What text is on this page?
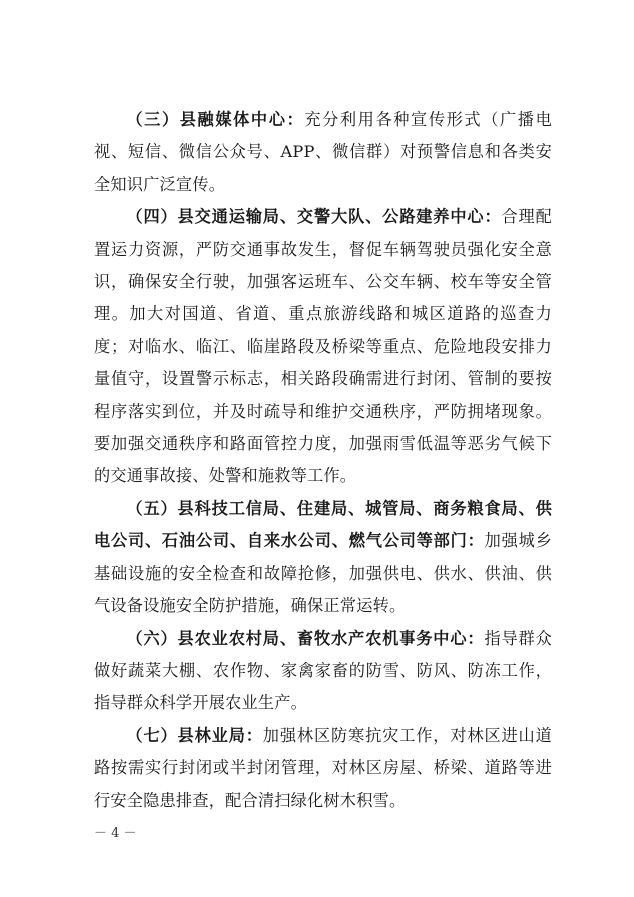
（三）县融媒体中心：充分利用各种宣传形式（广播电视、短信、微信公众号、APP、微信群）对预警信息和各类安全知识广泛宣传。

（四）县交通运输局、交警大队、公路建养中心：合理配置运力资源，严防交通事故发生，督促车辆驾驶员强化安全意识，确保安全行驶，加强客运班车、公交车辆、校车等安全管理。加大对国道、省道、重点旅游线路和城区道路的巡查力度；对临水、临江、临崖路段及桥梁等重点、危险地段安排力量值守，设置警示标志，相关路段确需进行封闭、管制的要按程序落实到位，并及时疏导和维护交通秩序，严防拥堵现象。要加强交通秩序和路面管控力度，加强雨雪低温等恶劣气候下的交通事故接、处警和施救等工作。

（五）县科技工信局、住建局、城管局、商务粮食局、供电公司、石油公司、自来水公司、燃气公司等部门：加强城乡基础设施的安全检查和故障抢修，加强供电、供水、供油、供气设备设施安全防护措施，确保正常运转。

（六）县农业农村局、畜牧水产农机事务中心：指导群众做好蔬菜大棚、农作物、家禽家畜的防雪、防风、防冻工作，指导群众科学开展农业生产。

（七）县林业局：加强林区防寒抗灾工作，对林区进山道路按需实行封闭或半封闭管理，对林区房屋、桥梁、道路等进行安全隐患排查，配合清扫绿化树木积雪。

－ 4 －
